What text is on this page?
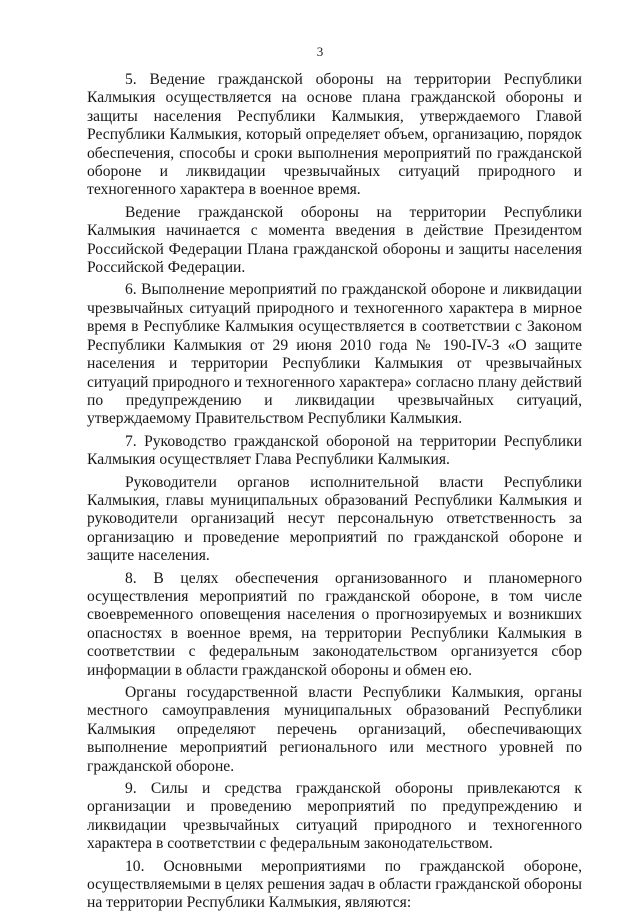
3

5. Ведение гражданской обороны на территории Республики Калмыкия осуществляется на основе плана гражданской обороны и защиты населения Республики Калмыкия, утверждаемого Главой Республики Калмыкия, который определяет объем, организацию, порядок обеспечения, способы и сроки выполнения мероприятий по гражданской обороне и ликвидации чрезвычайных ситуаций природного и техногенного характера в военное время.

Ведение гражданской обороны на территории Республики Калмыкия начинается с момента введения в действие Президентом Российской Федерации Плана гражданской обороны и защиты населения Российской Федерации.

6. Выполнение мероприятий по гражданской обороне и ликвидации чрезвычайных ситуаций природного и техногенного характера в мирное время в Республике Калмыкия осуществляется в соответствии с Законом Республики Калмыкия от 29 июня 2010 года № 190-IV-З «О защите населения и территории Республики Калмыкия от чрезвычайных ситуаций природного и техногенного характера» согласно плану действий по предупреждению и ликвидации чрезвычайных ситуаций, утверждаемому Правительством Республики Калмыкия.

7. Руководство гражданской обороной на территории Республики Калмыкия осуществляет Глава Республики Калмыкия.

Руководители органов исполнительной власти Республики Калмыкия, главы муниципальных образований Республики Калмыкия и руководители организаций несут персональную ответственность за организацию и проведение мероприятий по гражданской обороне и защите населения.

8. В целях обеспечения организованного и планомерного осуществления мероприятий по гражданской обороне, в том числе своевременного оповещения населения о прогнозируемых и возникших опасностях в военное время, на территории Республики Калмыкия в соответствии с федеральным законодательством организуется сбор информации в области гражданской обороны и обмен ею.

Органы государственной власти Республики Калмыкия, органы местного самоуправления муниципальных образований Республики Калмыкия определяют перечень организаций, обеспечивающих выполнение мероприятий регионального или местного уровней по гражданской обороне.

9. Силы и средства гражданской обороны привлекаются к организации и проведению мероприятий по предупреждению и ликвидации чрезвычайных ситуаций природного и техногенного характера в соответствии с федеральным законодательством.

10. Основными мероприятиями по гражданской обороне, осуществляемыми в целях решения задач в области гражданской обороны на территории Республики Калмыкия, являются:
